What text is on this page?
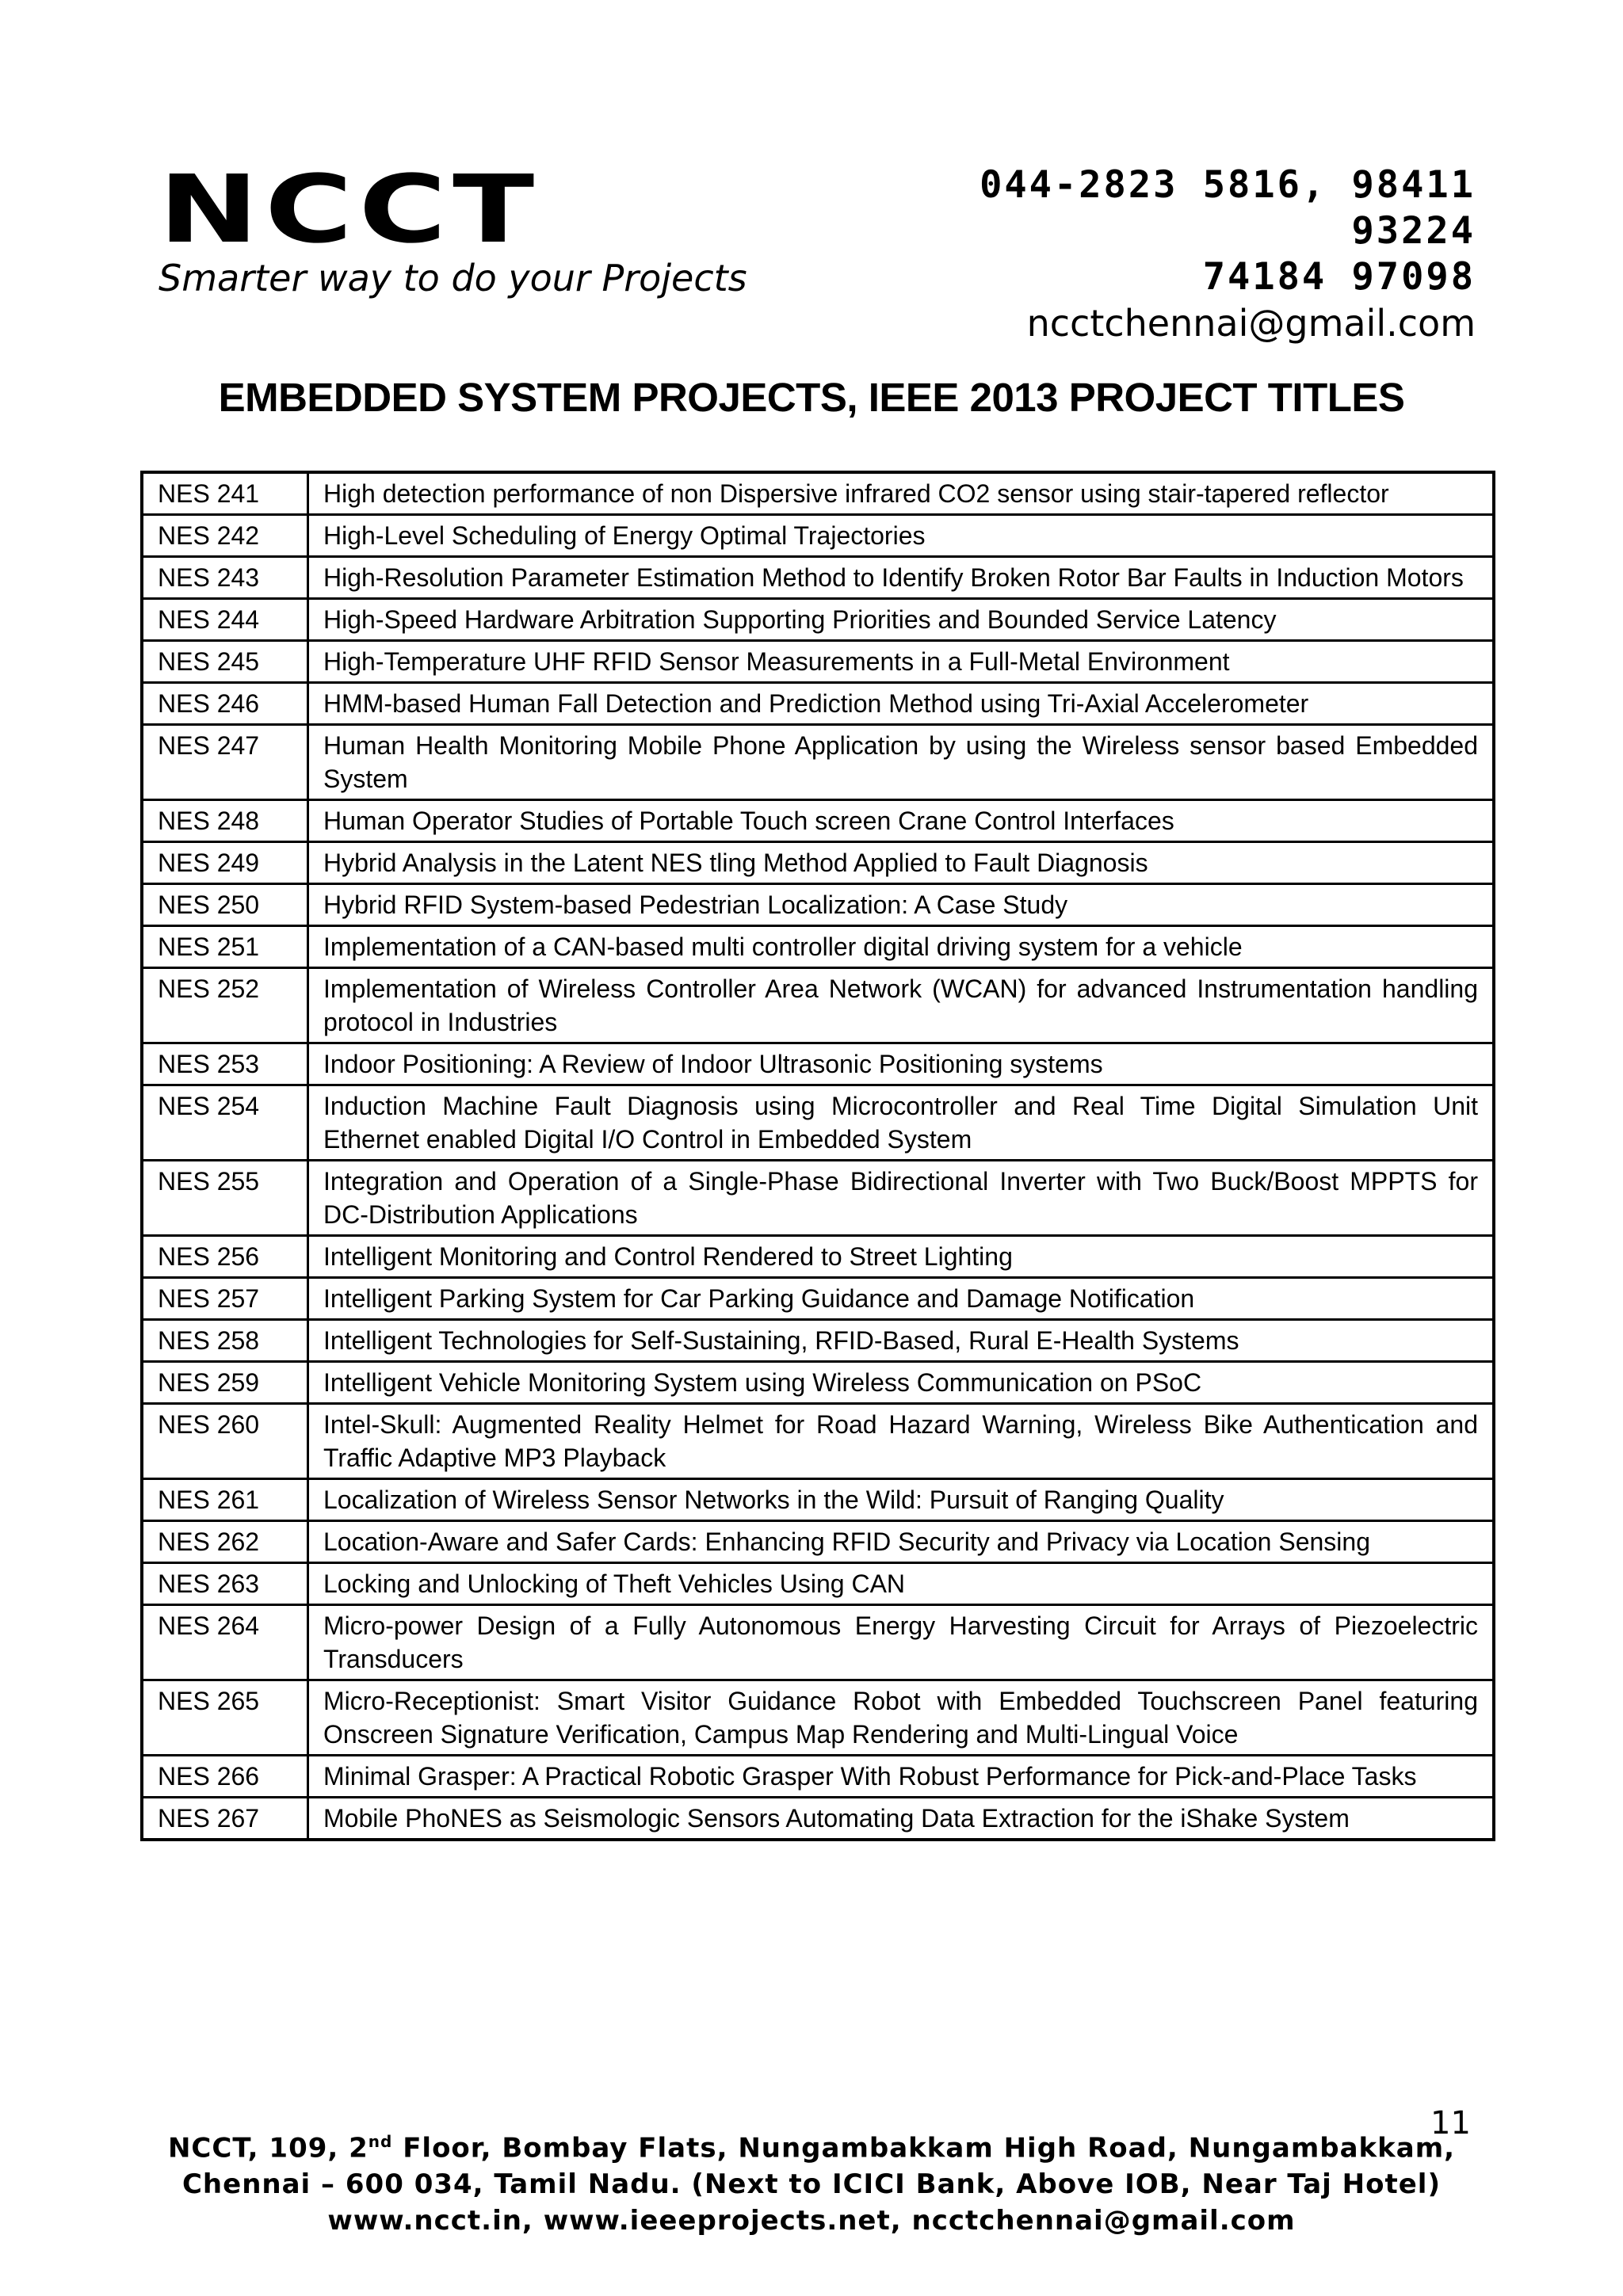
NCCT
Smarter way to do your Projects
044-2823 5816, 98411
93224
74184 97098
ncctchennai@gmail.com
EMBEDDED SYSTEM PROJECTS, IEEE 2013 PROJECT TITLES
NES 241	High detection performance of non Dispersive infrared CO2 sensor using stair-tapered reflector
NES 242	High-Level Scheduling of Energy Optimal Trajectories
NES 243	High-Resolution Parameter Estimation Method to Identify Broken Rotor Bar Faults in Induction Motors
NES 244	High-Speed Hardware Arbitration Supporting Priorities and Bounded Service Latency
NES 245	High-Temperature UHF RFID Sensor Measurements in a Full-Metal Environment
NES 246	HMM-based Human Fall Detection and Prediction Method using Tri-Axial Accelerometer
NES 247	Human Health Monitoring Mobile Phone Application by using the Wireless sensor based Embedded System
NES 248	Human Operator Studies of Portable Touch screen Crane Control Interfaces
NES 249	Hybrid Analysis in the Latent NES tling Method Applied to Fault Diagnosis
NES 250	Hybrid RFID System-based Pedestrian Localization: A Case Study
NES 251	Implementation of a CAN-based multi controller digital driving system for a vehicle
NES 252	Implementation of Wireless Controller Area Network (WCAN) for advanced Instrumentation handling protocol in Industries
NES 253	Indoor Positioning: A Review of Indoor Ultrasonic Positioning systems
NES 254	Induction Machine Fault Diagnosis using Microcontroller and Real Time Digital Simulation Unit Ethernet enabled Digital I/O Control in Embedded System
NES 255	Integration and Operation of a Single-Phase Bidirectional Inverter with Two Buck/Boost MPPTS for DC-Distribution Applications
NES 256	Intelligent Monitoring and Control Rendered to Street Lighting
NES 257	Intelligent Parking System for Car Parking Guidance and Damage Notification
NES 258	Intelligent Technologies for Self-Sustaining, RFID-Based, Rural E-Health Systems
NES 259	Intelligent Vehicle Monitoring System using Wireless Communication on PSoC
NES 260	Intel-Skull: Augmented Reality Helmet for Road Hazard Warning, Wireless Bike Authentication and Traffic Adaptive MP3 Playback
NES 261	Localization of Wireless Sensor Networks in the Wild: Pursuit of Ranging Quality
NES 262	Location-Aware and Safer Cards: Enhancing RFID Security and Privacy via Location Sensing
NES 263	Locking and Unlocking of Theft Vehicles Using CAN
NES 264	Micro-power Design of a Fully Autonomous Energy Harvesting Circuit for Arrays of Piezoelectric Transducers
NES 265	Micro-Receptionist: Smart Visitor Guidance Robot with Embedded Touchscreen Panel featuring Onscreen Signature Verification, Campus Map Rendering and Multi-Lingual Voice
NES 266	Minimal Grasper: A Practical Robotic Grasper With Robust Performance for Pick-and-Place Tasks
NES 267	Mobile PhoNES as Seismologic Sensors Automating Data Extraction for the iShake System
NCCT, 109, 2nd Floor, Bombay Flats, Nungambakkam High Road, Nungambakkam,
Chennai – 600 034, Tamil Nadu. (Next to ICICI Bank, Above IOB, Near Taj Hotel)
www.ncct.in, www.ieeeprojects.net, ncctchennai@gmail.com
11
